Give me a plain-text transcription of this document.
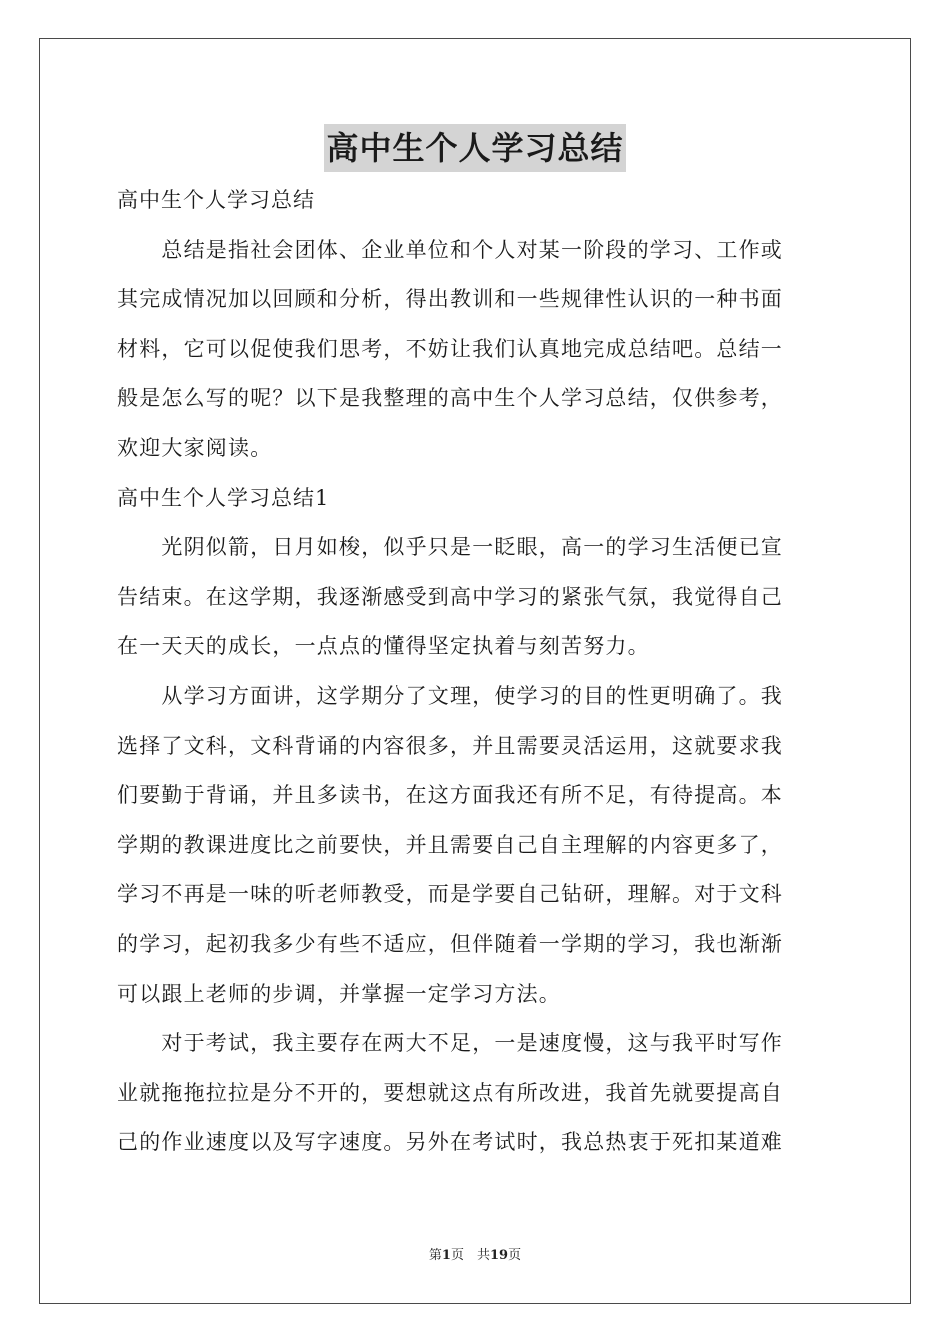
高中生个人学习总结
高中生个人学习总结
　　总结是指社会团体、企业单位和个人对某一阶段的学习、工作或
其完成情况加以回顾和分析，得出教训和一些规律性认识的一种书面
材料，它可以促使我们思考，不妨让我们认真地完成总结吧。总结一
般是怎么写的呢？以下是我整理的高中生个人学习总结，仅供参考，
欢迎大家阅读。
高中生个人学习总结1
　　光阴似箭，日月如梭，似乎只是一眨眼，高一的学习生活便已宣
告结束。在这学期，我逐渐感受到高中学习的紧张气氛，我觉得自己
在一天天的成长，一点点的懂得坚定执着与刻苦努力。
　　从学习方面讲，这学期分了文理，使学习的目的性更明确了。我
选择了文科，文科背诵的内容很多，并且需要灵活运用，这就要求我
们要勤于背诵，并且多读书，在这方面我还有所不足，有待提高。本
学期的教课进度比之前要快，并且需要自己自主理解的内容更多了，
学习不再是一味的听老师教受，而是学要自己钻研，理解。对于文科
的学习，起初我多少有些不适应，但伴随着一学期的学习，我也渐渐
可以跟上老师的步调，并掌握一定学习方法。
　　对于考试，我主要存在两大不足，一是速度慢，这与我平时写作
业就拖拖拉拉是分不开的，要想就这点有所改进，我首先就要提高自
己的作业速度以及写字速度。另外在考试时，我总热衷于死扣某道难
第1页　共19页
